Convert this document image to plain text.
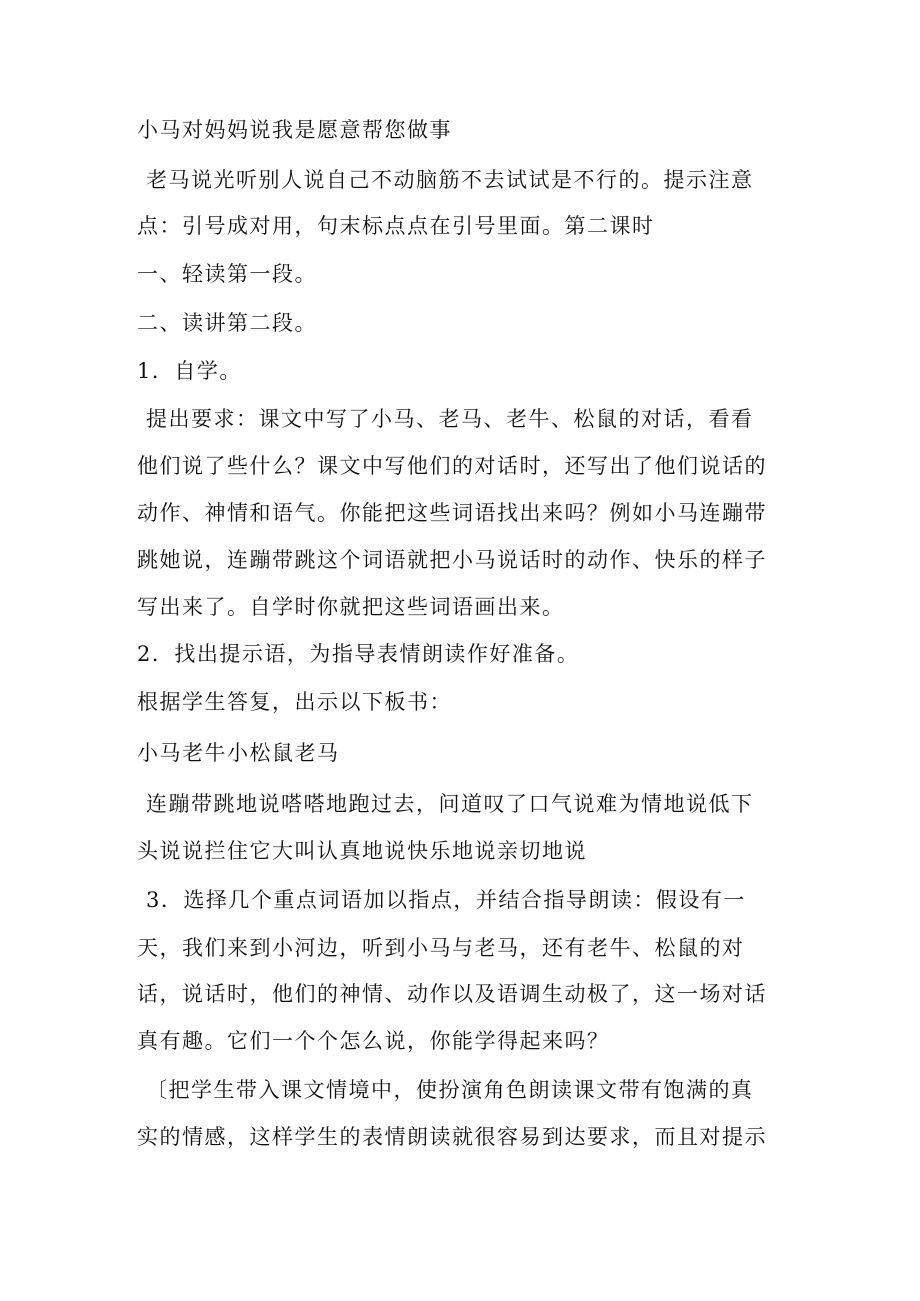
小马对妈妈说我是愿意帮您做事
老马说光听别人说自己不动脑筋不去试试是不行的。提示注意
点：引号成对用，句末标点点在引号里面。第二课时
一、轻读第一段。
二、读讲第二段。
1．自学。
提出要求：课文中写了小马、老马、老牛、松鼠的对话，看看
他们说了些什么？课文中写他们的对话时，还写出了他们说话的
动作、神情和语气。你能把这些词语找出来吗？例如小马连蹦带
跳她说，连蹦带跳这个词语就把小马说话时的动作、快乐的样子
写出来了。自学时你就把这些词语画出来。
2．找出提示语，为指导表情朗读作好准备。
根据学生答复，出示以下板书：
小马老牛小松鼠老马
连蹦带跳地说嗒嗒地跑过去，问道叹了口气说难为情地说低下
头说说拦住它大叫认真地说快乐地说亲切地说
3．选择几个重点词语加以指点，并结合指导朗读：假设有一
天，我们来到小河边，听到小马与老马，还有老牛、松鼠的对
话，说话时，他们的神情、动作以及语调生动极了，这一场对话
真有趣。它们一个个怎么说，你能学得起来吗？
〔把学生带入课文情境中，使扮演角色朗读课文带有饱满的真
实的情感，这样学生的表情朗读就很容易到达要求，而且对提示
